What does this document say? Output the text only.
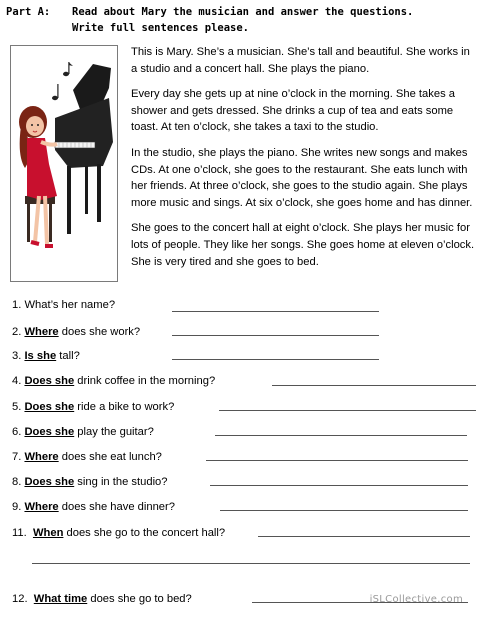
Part A: Read about Mary the musician and answer the questions.
Write full sentences please.

This is Mary. She’s a musician. She’s tall and beautiful. She works in a studio and a concert hall. She plays the piano.

Every day she gets up at nine o’clock in the morning. She takes a shower and gets dressed. She drinks a cup of tea and eats some toast. At ten o’clock, she takes a taxi to the studio.

In the studio, she plays the piano. She writes new songs and makes CDs. At one o’clock, she goes to the restaurant. She eats lunch with her friends. At three o’clock, she goes to the studio again. She plays more music and sings. At six o’clock, she goes home and has dinner.

She goes to the concert hall at eight o’clock. She plays her music for lots of people. They like her songs. She goes home at eleven o’clock. She is very tired and she goes to bed.

1. What’s her name?
2. Where does she work?
3. Is she tall?
4. Does she drink coffee in the morning?
5. Does she ride a bike to work?
6. Does she play the guitar?
7. Where does she eat lunch?
8. Does she sing in the studio?
9. Where does she have dinner?
11. When does she go to the concert hall?
12. What time does she go to bed?	iSLCollective.com
